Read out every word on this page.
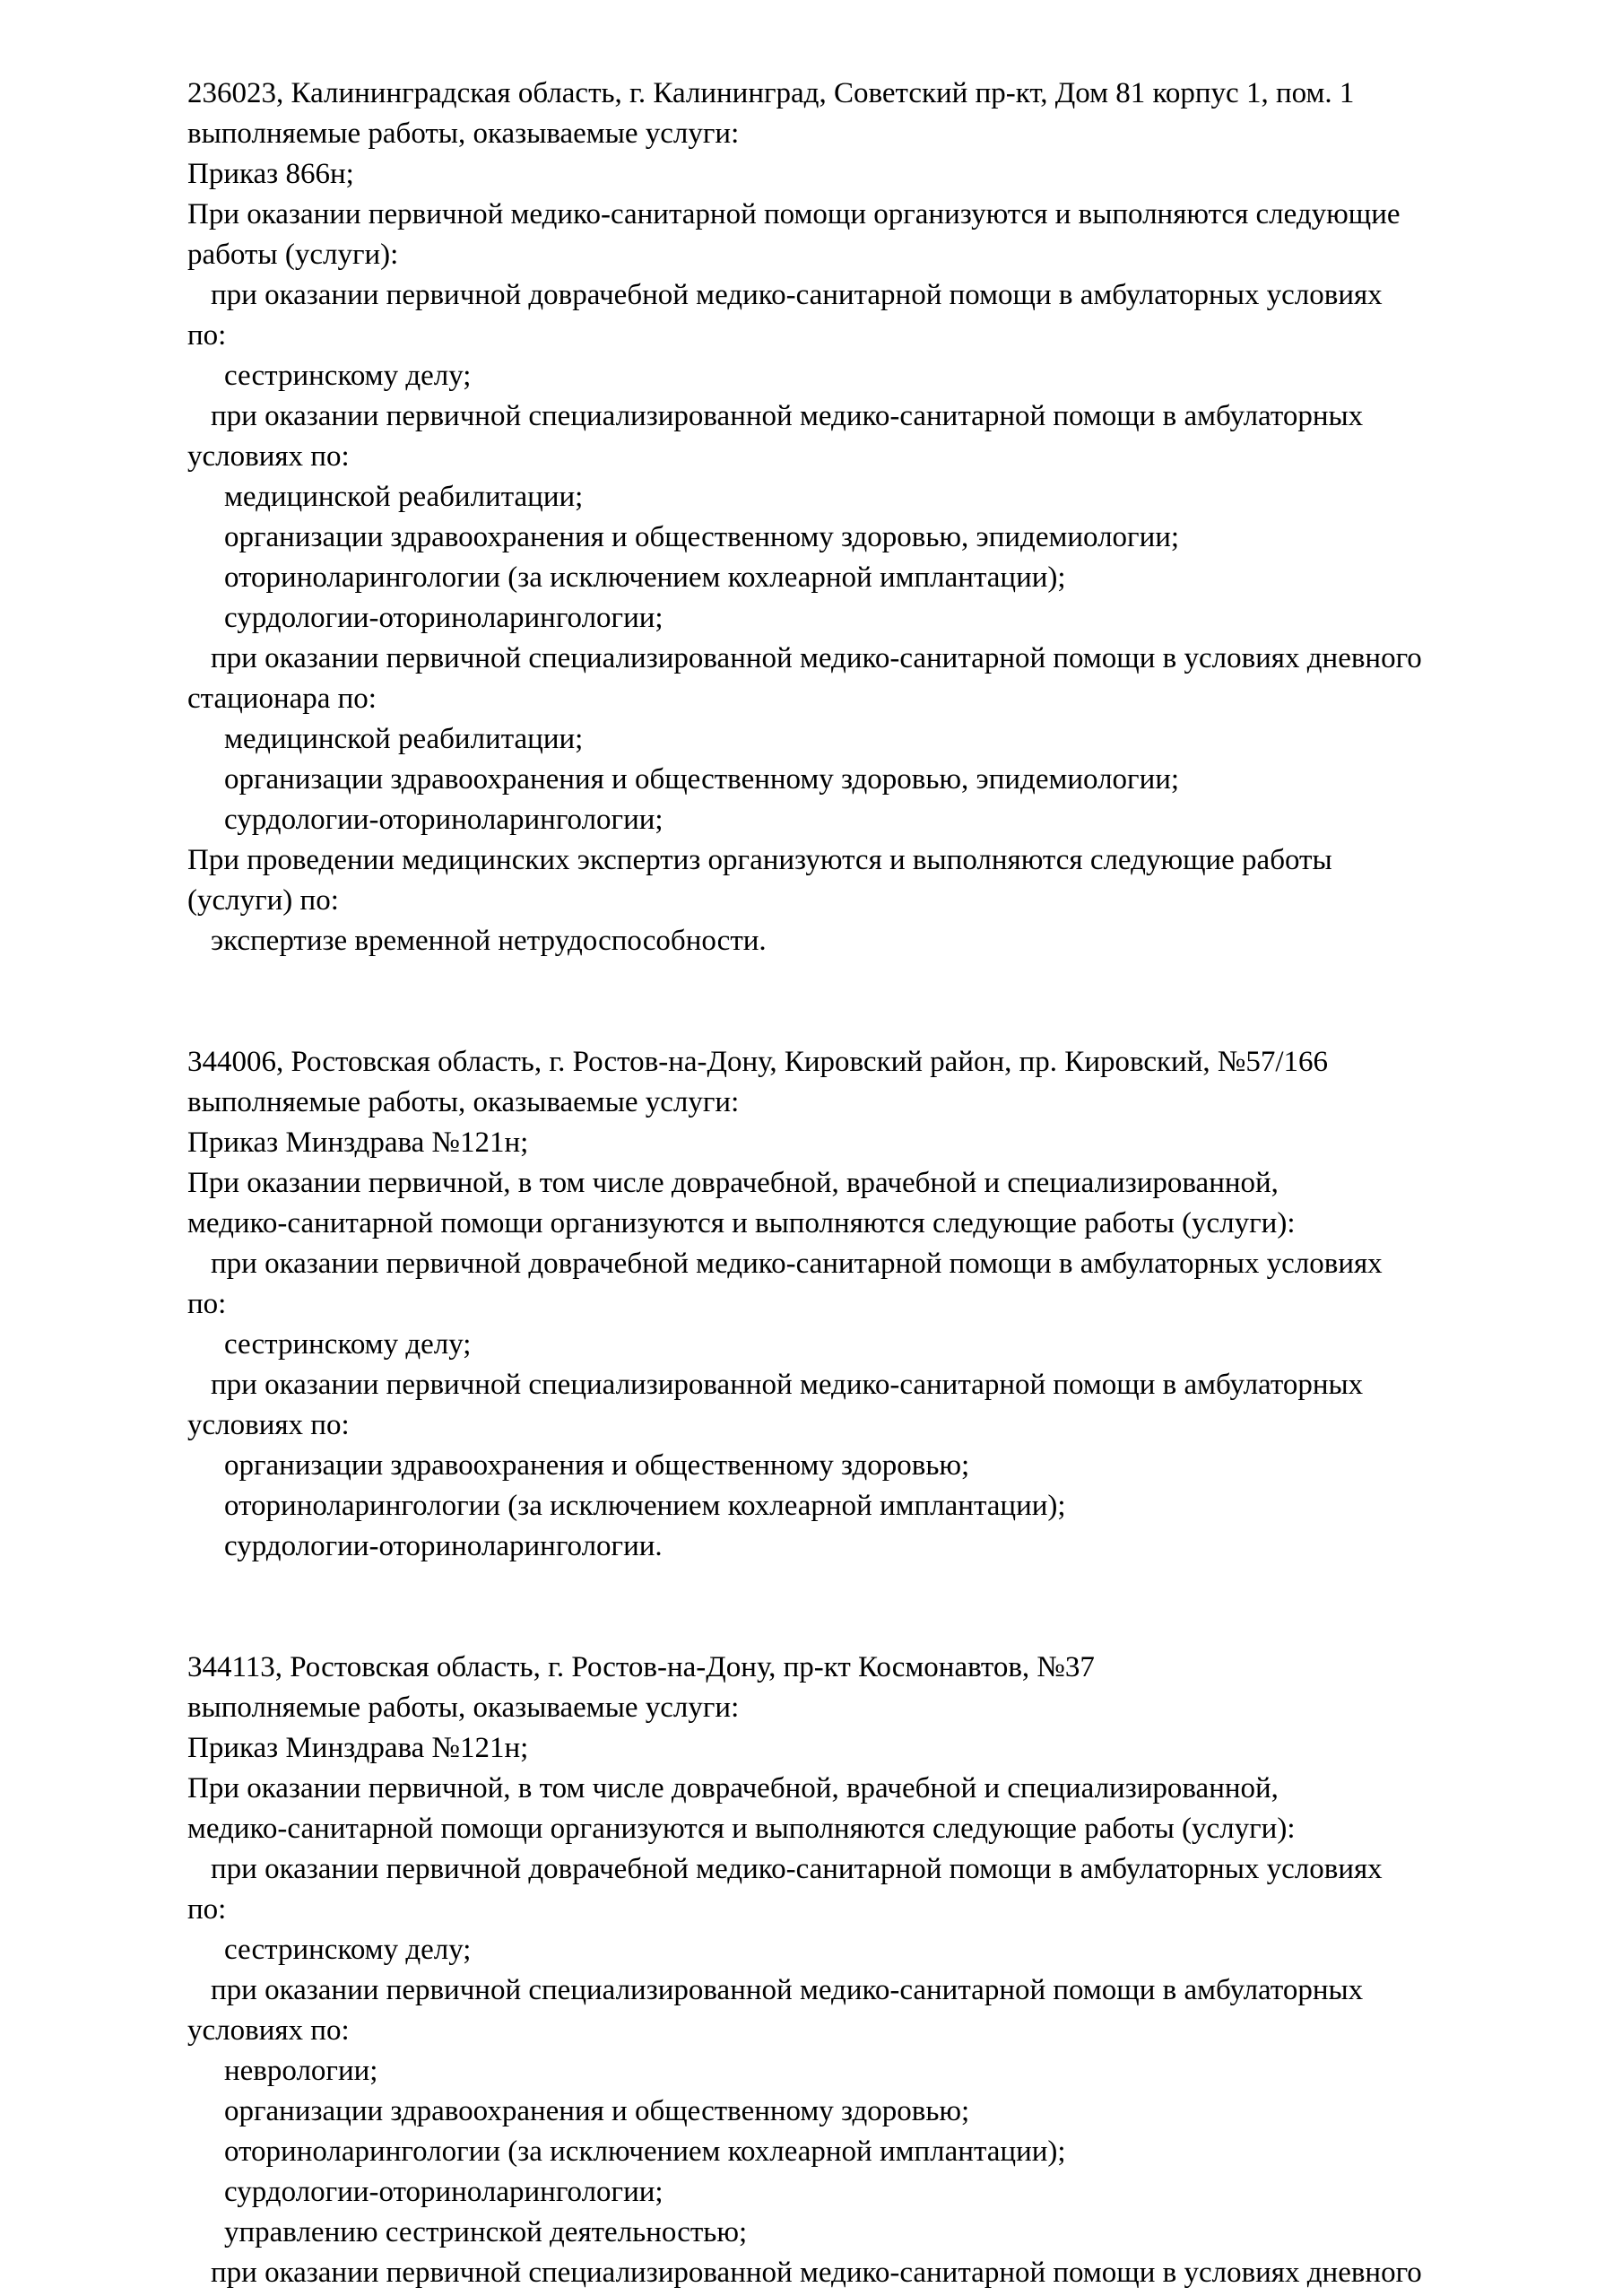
236023, Калининградская область, г. Калининград, Советский пр-кт, Дом 81 корпус 1, пом. 1
выполняемые работы, оказываемые услуги:
Приказ 866н;
При оказании первичной медико-санитарной помощи организуются и выполняются следующие
работы (услуги):
при оказании первичной доврачебной медико-санитарной помощи в амбулаторных условиях
по:
сестринскому делу;
при оказании первичной специализированной медико-санитарной помощи в амбулаторных
условиях по:
медицинской реабилитации;
организации здравоохранения и общественному здоровью, эпидемиологии;
оториноларингологии (за исключением кохлеарной имплантации);
сурдологии-оториноларингологии;
при оказании первичной специализированной медико-санитарной помощи в условиях дневного
стационара по:
медицинской реабилитации;
организации здравоохранения и общественному здоровью, эпидемиологии;
сурдологии-оториноларингологии;
При проведении медицинских экспертиз организуются и выполняются следующие работы
(услуги) по:
экспертизе временной нетрудоспособности.
344006, Ростовская область, г. Ростов-на-Дону, Кировский район, пр. Кировский, №57/166
выполняемые работы, оказываемые услуги:
Приказ Минздрава №121н;
При оказании первичной, в том числе доврачебной, врачебной и специализированной,
медико-санитарной помощи организуются и выполняются следующие работы (услуги):
при оказании первичной доврачебной медико-санитарной помощи в амбулаторных условиях
по:
сестринскому делу;
при оказании первичной специализированной медико-санитарной помощи в амбулаторных
условиях по:
организации здравоохранения и общественному здоровью;
оториноларингологии (за исключением кохлеарной имплантации);
сурдологии-оториноларингологии.
344113, Ростовская область, г. Ростов-на-Дону, пр-кт Космонавтов, №37
выполняемые работы, оказываемые услуги:
Приказ Минздрава №121н;
При оказании первичной, в том числе доврачебной, врачебной и специализированной,
медико-санитарной помощи организуются и выполняются следующие работы (услуги):
при оказании первичной доврачебной медико-санитарной помощи в амбулаторных условиях
по:
сестринскому делу;
при оказании первичной специализированной медико-санитарной помощи в амбулаторных
условиях по:
неврологии;
организации здравоохранения и общественному здоровью;
оториноларингологии (за исключением кохлеарной имплантации);
сурдологии-оториноларингологии;
управлению сестринской деятельностью;
при оказании первичной специализированной медико-санитарной помощи в условиях дневного
